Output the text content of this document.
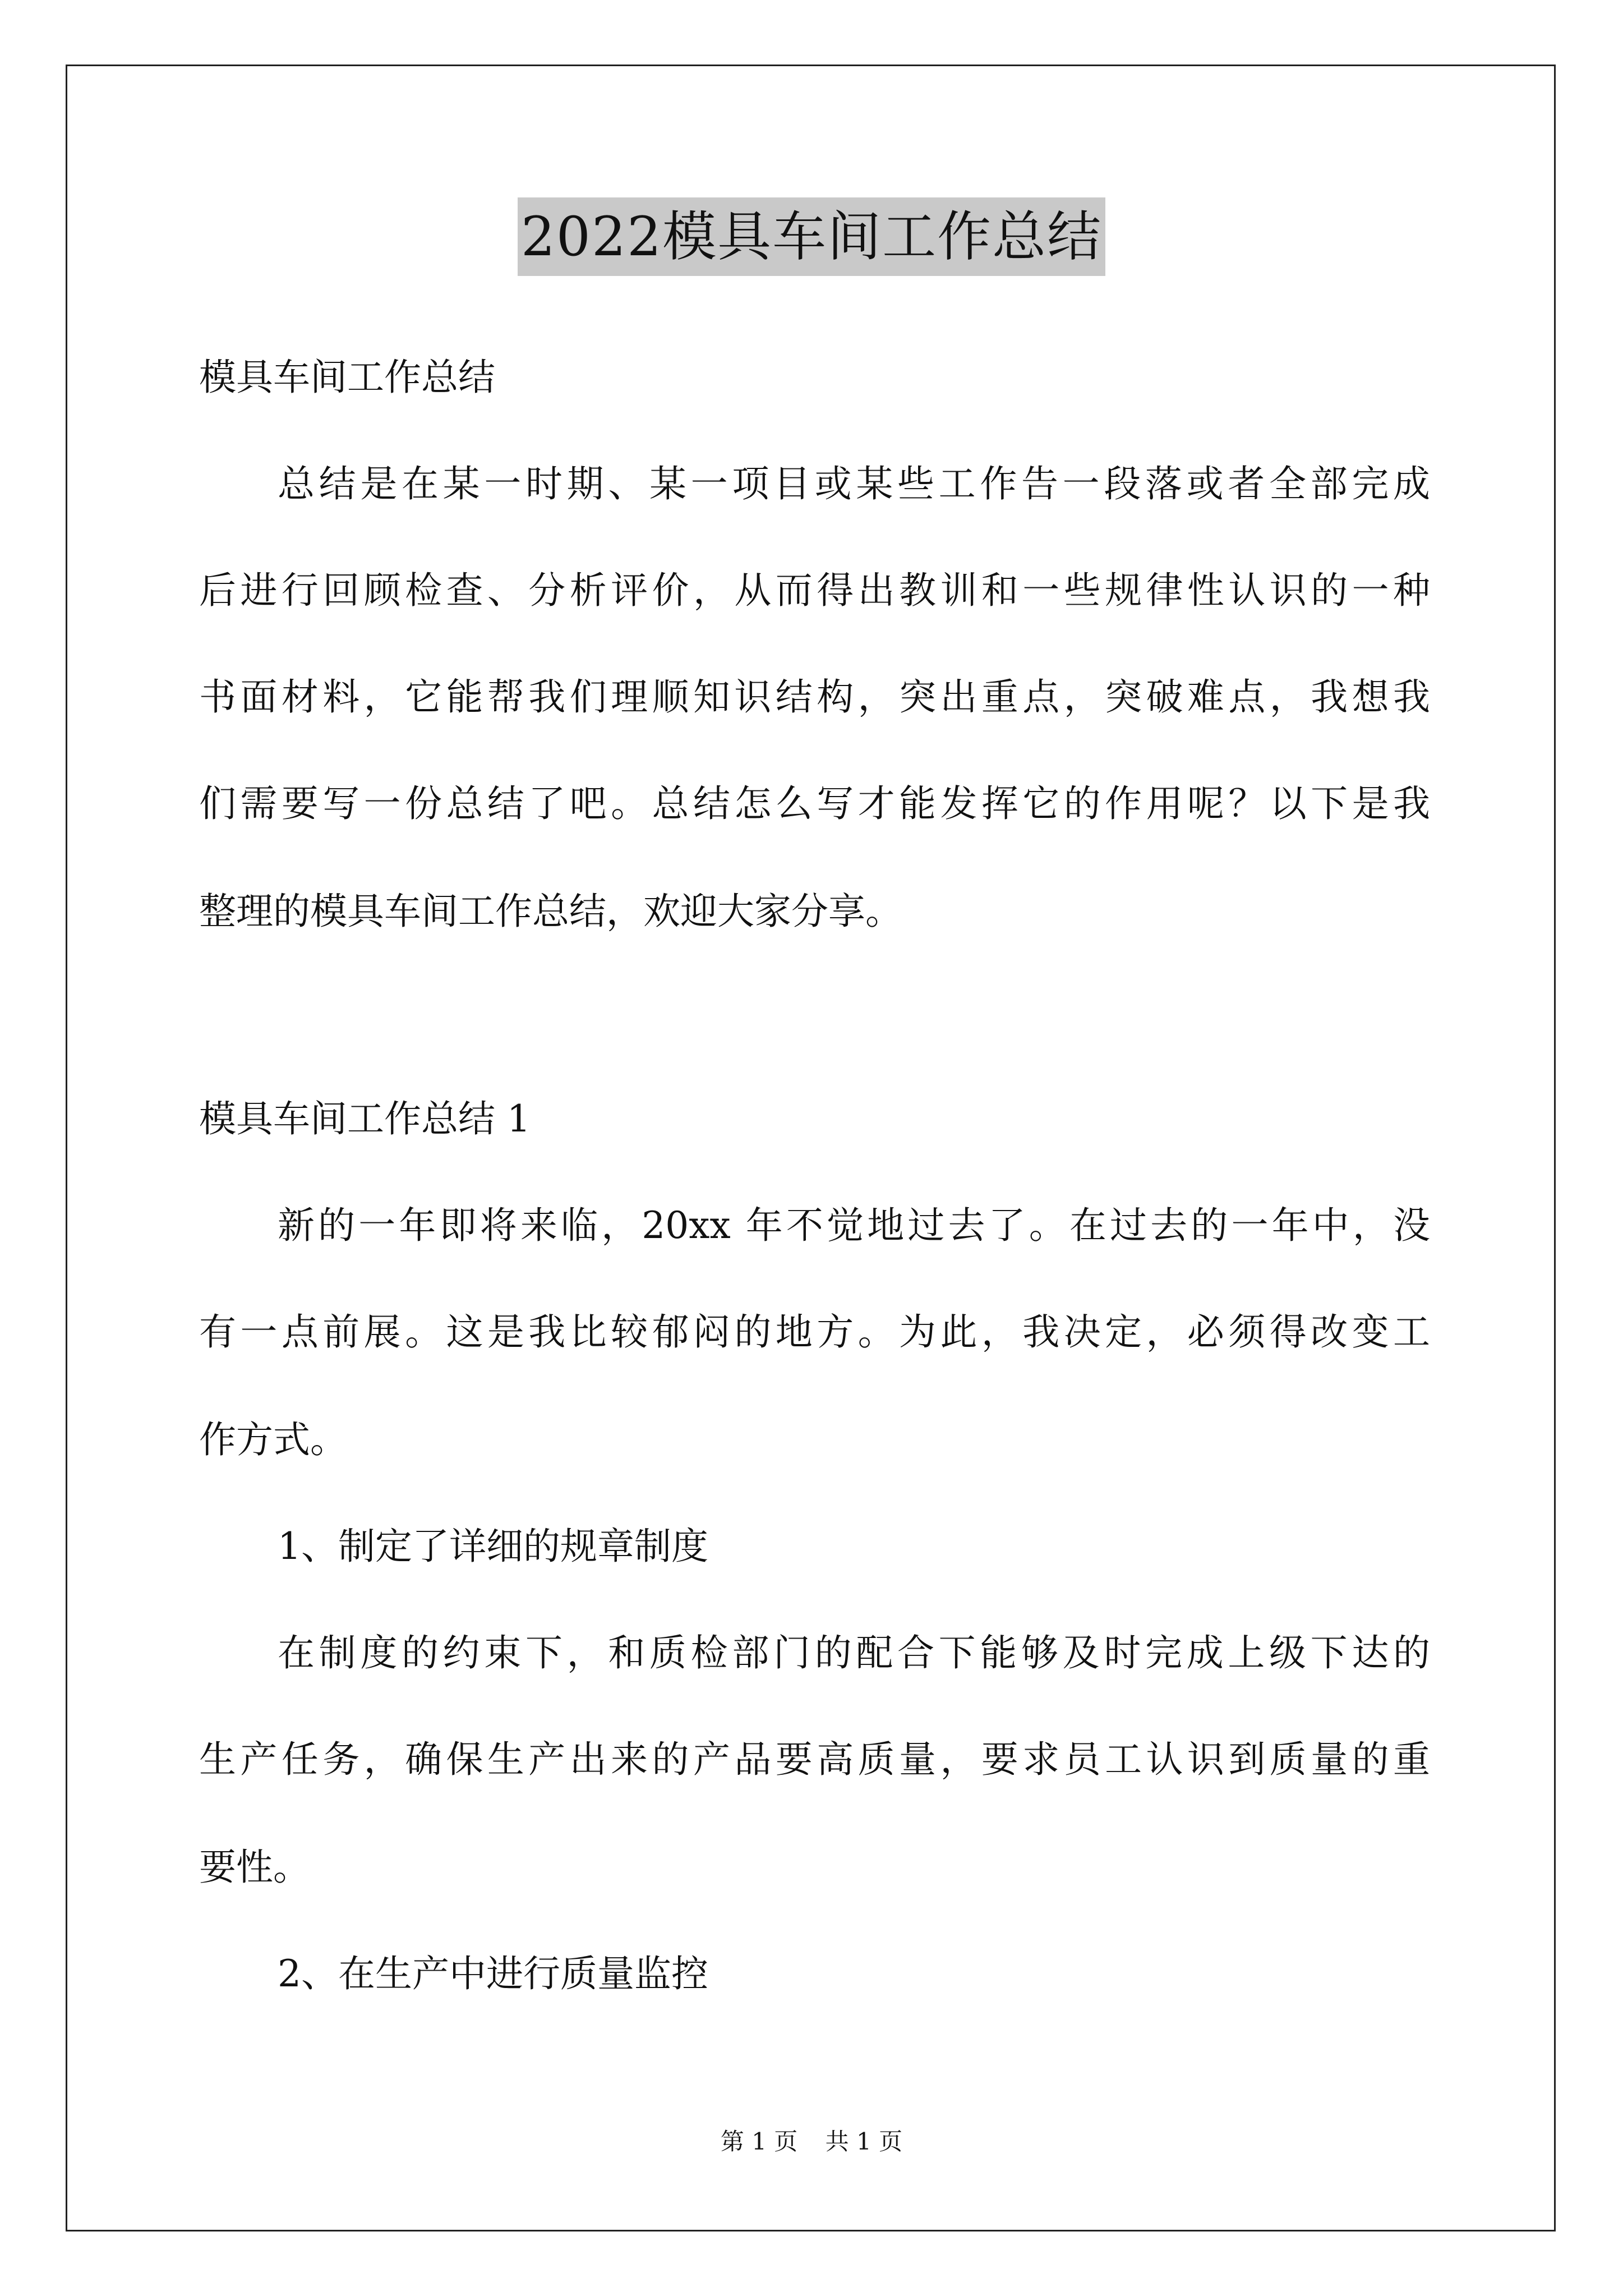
2022模具车间工作总结
模具车间工作总结
总结是在某一时期、某一项目或某些工作告一段落或者全部完成
后进行回顾检查、分析评价，从而得出教训和一些规律性认识的一种
书面材料，它能帮我们理顺知识结构，突出重点，突破难点，我想我
们需要写一份总结了吧。总结怎么写才能发挥它的作用呢？以下是我
整理的模具车间工作总结，欢迎大家分享。
模具车间工作总结 1
新的一年即将来临，20xx 年不觉地过去了。在过去的一年中，没
有一点前展。这是我比较郁闷的地方。为此，我决定，必须得改变工
作方式。
1、制定了详细的规章制度
在制度的约束下，和质检部门的配合下能够及时完成上级下达的
生产任务，确保生产出来的产品要高质量，要求员工认识到质量的重
要性。
2、在生产中进行质量监控
第 1 页 共 1 页
